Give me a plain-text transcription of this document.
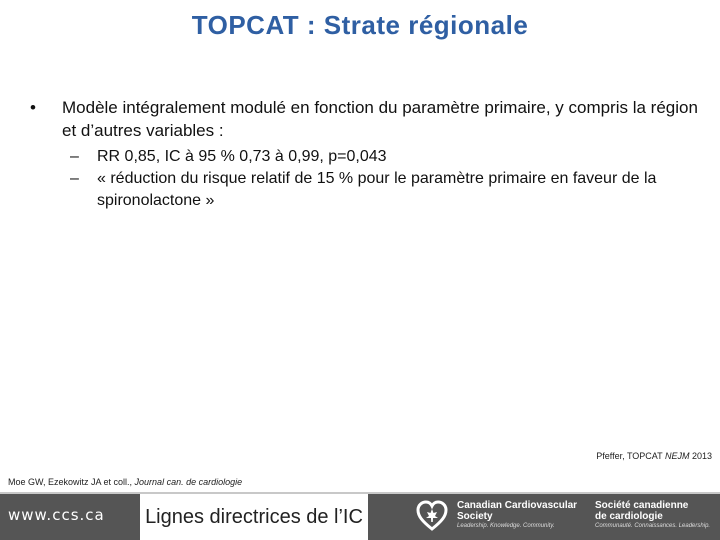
TOPCAT : Strate régionale
•	Modèle intégralement modulé en fonction du paramètre primaire, y compris la région et d’autres variables :
–	RR 0,85, IC à 95 % 0,73 à 0,99, p=0,043
–	« réduction du risque relatif de 15 % pour le paramètre primaire en faveur de la spironolactone »
Pfeffer, TOPCAT NEJM 2013
Moe GW, Ezekowitz JA et coll., Journal can. de cardiologie
www.ccs.ca Lignes directrices de l’IC
Canadian Cardiovascular
Society
Leadership. Knowledge. Community.
Société canadienne
de cardiologie
Communauté. Connaissances. Leadership.
